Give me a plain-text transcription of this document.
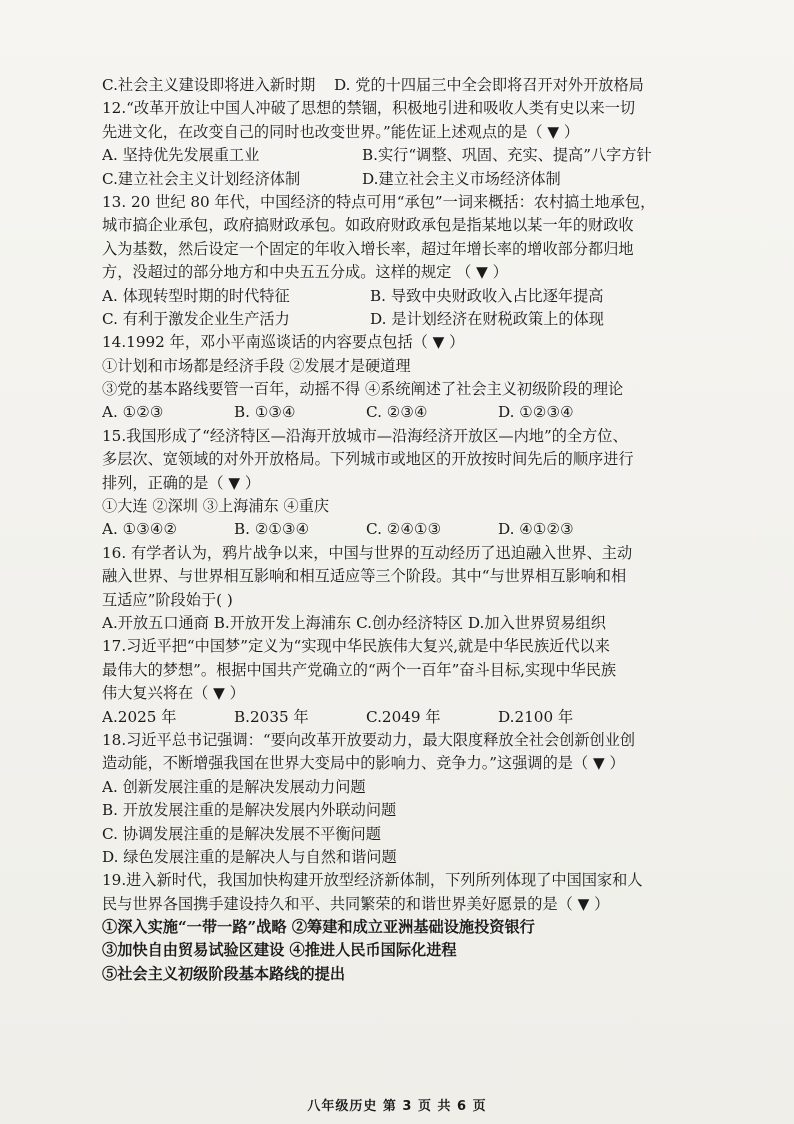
C.社会主义建设即将进入新时期 D. 党的十四届三中全会即将召开对外开放格局
12.“改革开放让中国人冲破了思想的禁锢，积极地引进和吸收人类有史以来一切
先进文化，在改变自己的同时也改变世界。”能佐证上述观点的是（ ▼ ）
A. 坚持优先发展重工业	B.实行“调整、巩固、充实、提高”八字方针
C.建立社会主义计划经济体制	D.建立社会主义市场经济体制
13. 20 世纪 80 年代，中国经济的特点可用“承包”一词来概括：农村搞土地承包，
城市搞企业承包，政府搞财政承包。如政府财政承包是指某地以某一年的财政收
入为基数，然后设定一个固定的年收入增长率，超过年增长率的增收部分都归地
方，没超过的部分地方和中央五五分成。这样的规定 （ ▼ ）
A. 体现转型时期的时代特征	B. 导致中央财政收入占比逐年提高
C. 有利于激发企业生产活力	D. 是计划经济在财税政策上的体现
14.1992 年，邓小平南巡谈话的内容要点包括（ ▼ ）
①计划和市场都是经济手段 ②发展才是硬道理
③党的基本路线要管一百年，动摇不得 ④系统阐述了社会主义初级阶段的理论
A. ①②③	B. ①③④	C. ②③④	D. ①②③④
15.我国形成了“经济特区—沿海开放城市—沿海经济开放区—内地”的全方位、
多层次、宽领域的对外开放格局。下列城市或地区的开放按时间先后的顺序进行
排列，正确的是（ ▼ ）
①大连 ②深圳 ③上海浦东 ④重庆
A. ①③④②	B. ②①③④	C. ②④①③	D. ④①②③
16. 有学者认为，鸦片战争以来，中国与世界的互动经历了迅迫融入世界、主动
融入世界、与世界相互影响和相互适应等三个阶段。其中“与世界相互影响和相
互适应”阶段始于( )
A.开放五口通商 B.开放开发上海浦东 C.创办经济特区 D.加入世界贸易组织
17.习近平把“中国梦”定义为“实现中华民族伟大复兴,就是中华民族近代以来
最伟大的梦想”。根据中国共产党确立的“两个一百年”奋斗目标,实现中华民族
伟大复兴将在（ ▼ ）
A.2025 年	B.2035 年	C.2049 年	D.2100 年
18.习近平总书记强调：“要向改革开放要动力，最大限度释放全社会创新创业创
造动能，不断增强我国在世界大变局中的影响力、竞争力。”这强调的是（ ▼ ）
A. 创新发展注重的是解决发展动力问题
B. 开放发展注重的是解决发展内外联动问题
C. 协调发展注重的是解决发展不平衡问题
D. 绿色发展注重的是解决人与自然和谐问题
19.进入新时代，我国加快构建开放型经济新体制，下列所列体现了中国国家和人
民与世界各国携手建设持久和平、共同繁荣的和谐世界美好愿景的是（ ▼ ）
①深入实施“一带一路”战略 ②筹建和成立亚洲基础设施投资银行
③加快自由贸易试验区建设 ④推进人民币国际化进程
⑤社会主义初级阶段基本路线的提出
八年级历史 第 3 页 共 6 页
